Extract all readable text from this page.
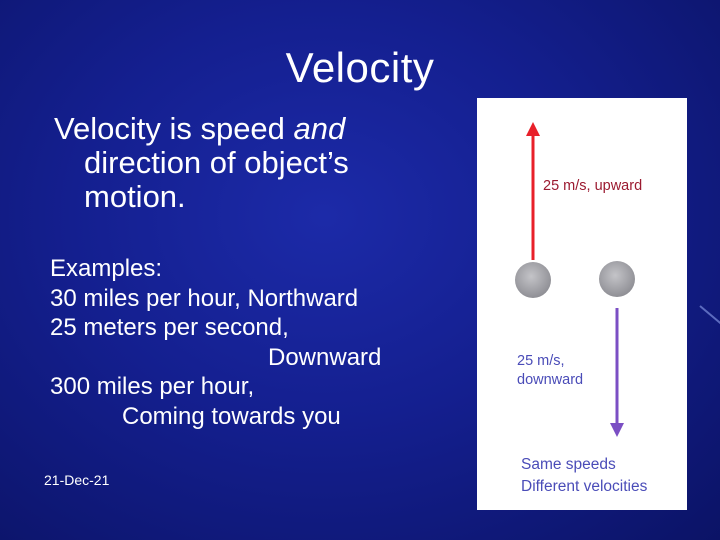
Velocity
Velocity is speed and
direction of object’s
motion.
Examples:
30 miles per hour, Northward
25 meters per second,
Downward
300 miles per hour,
Coming towards you
21-Dec-21
25 m/s, upward
25 m/s,
downward
Same speeds
Different velocities
